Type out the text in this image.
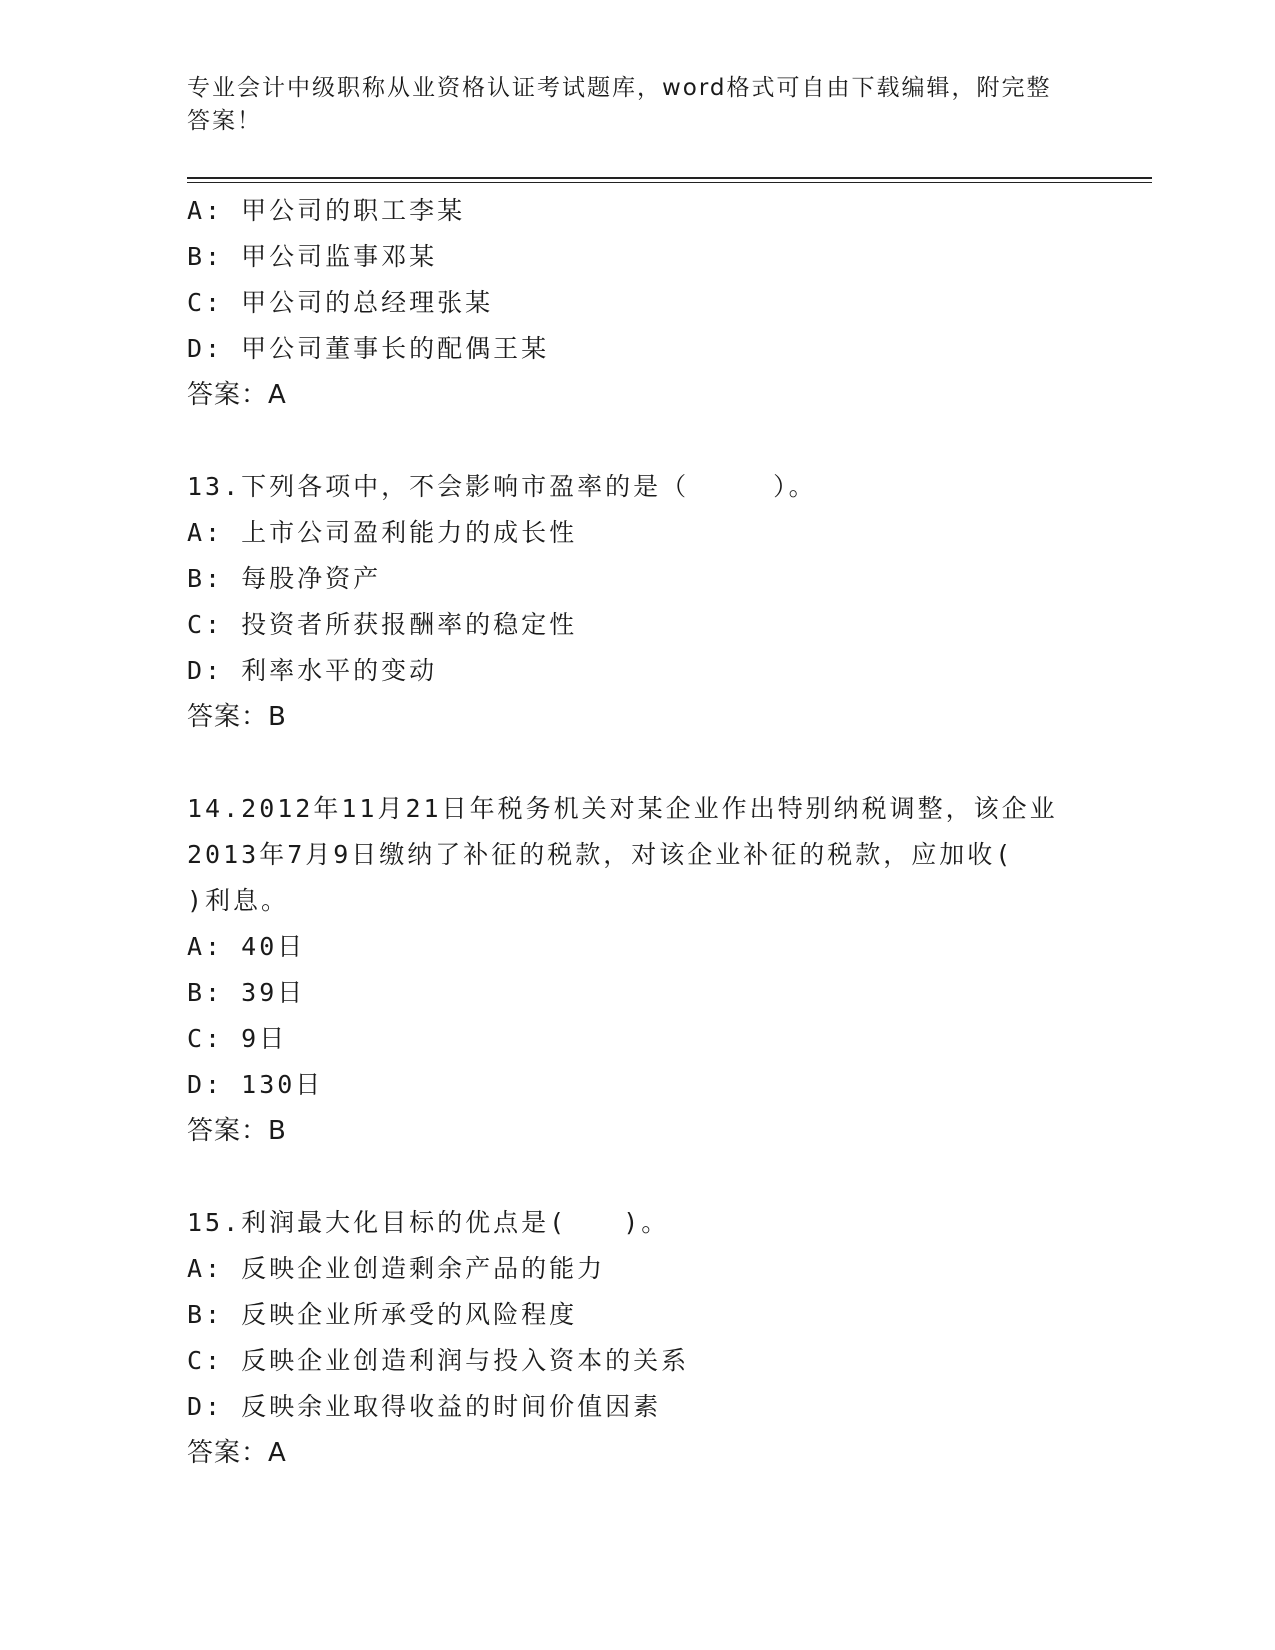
专业会计中级职称从业资格认证考试题库，word格式可自由下载编辑，附完整答案！
A: 甲公司的职工李某
B: 甲公司监事邓某
C: 甲公司的总经理张某
D: 甲公司董事长的配偶王某
答案：A
13.下列各项中，不会影响市盈率的是（　　　）。
A: 上市公司盈利能力的成长性
B: 每股净资产
C: 投资者所获报酬率的稳定性
D: 利率水平的变动
答案：B
14.2012年11月21日年税务机关对某企业作出特别纳税调整，该企业
2013年7月9日缴纳了补征的税款，对该企业补征的税款，应加收(
)利息。
A: 40日
B: 39日
C: 9日
D: 130日
答案：B
15.利润最大化目标的优点是(　　)。
A: 反映企业创造剩余产品的能力
B: 反映企业所承受的风险程度
C: 反映企业创造利润与投入资本的关系
D: 反映余业取得收益的时间价值因素
答案：A
